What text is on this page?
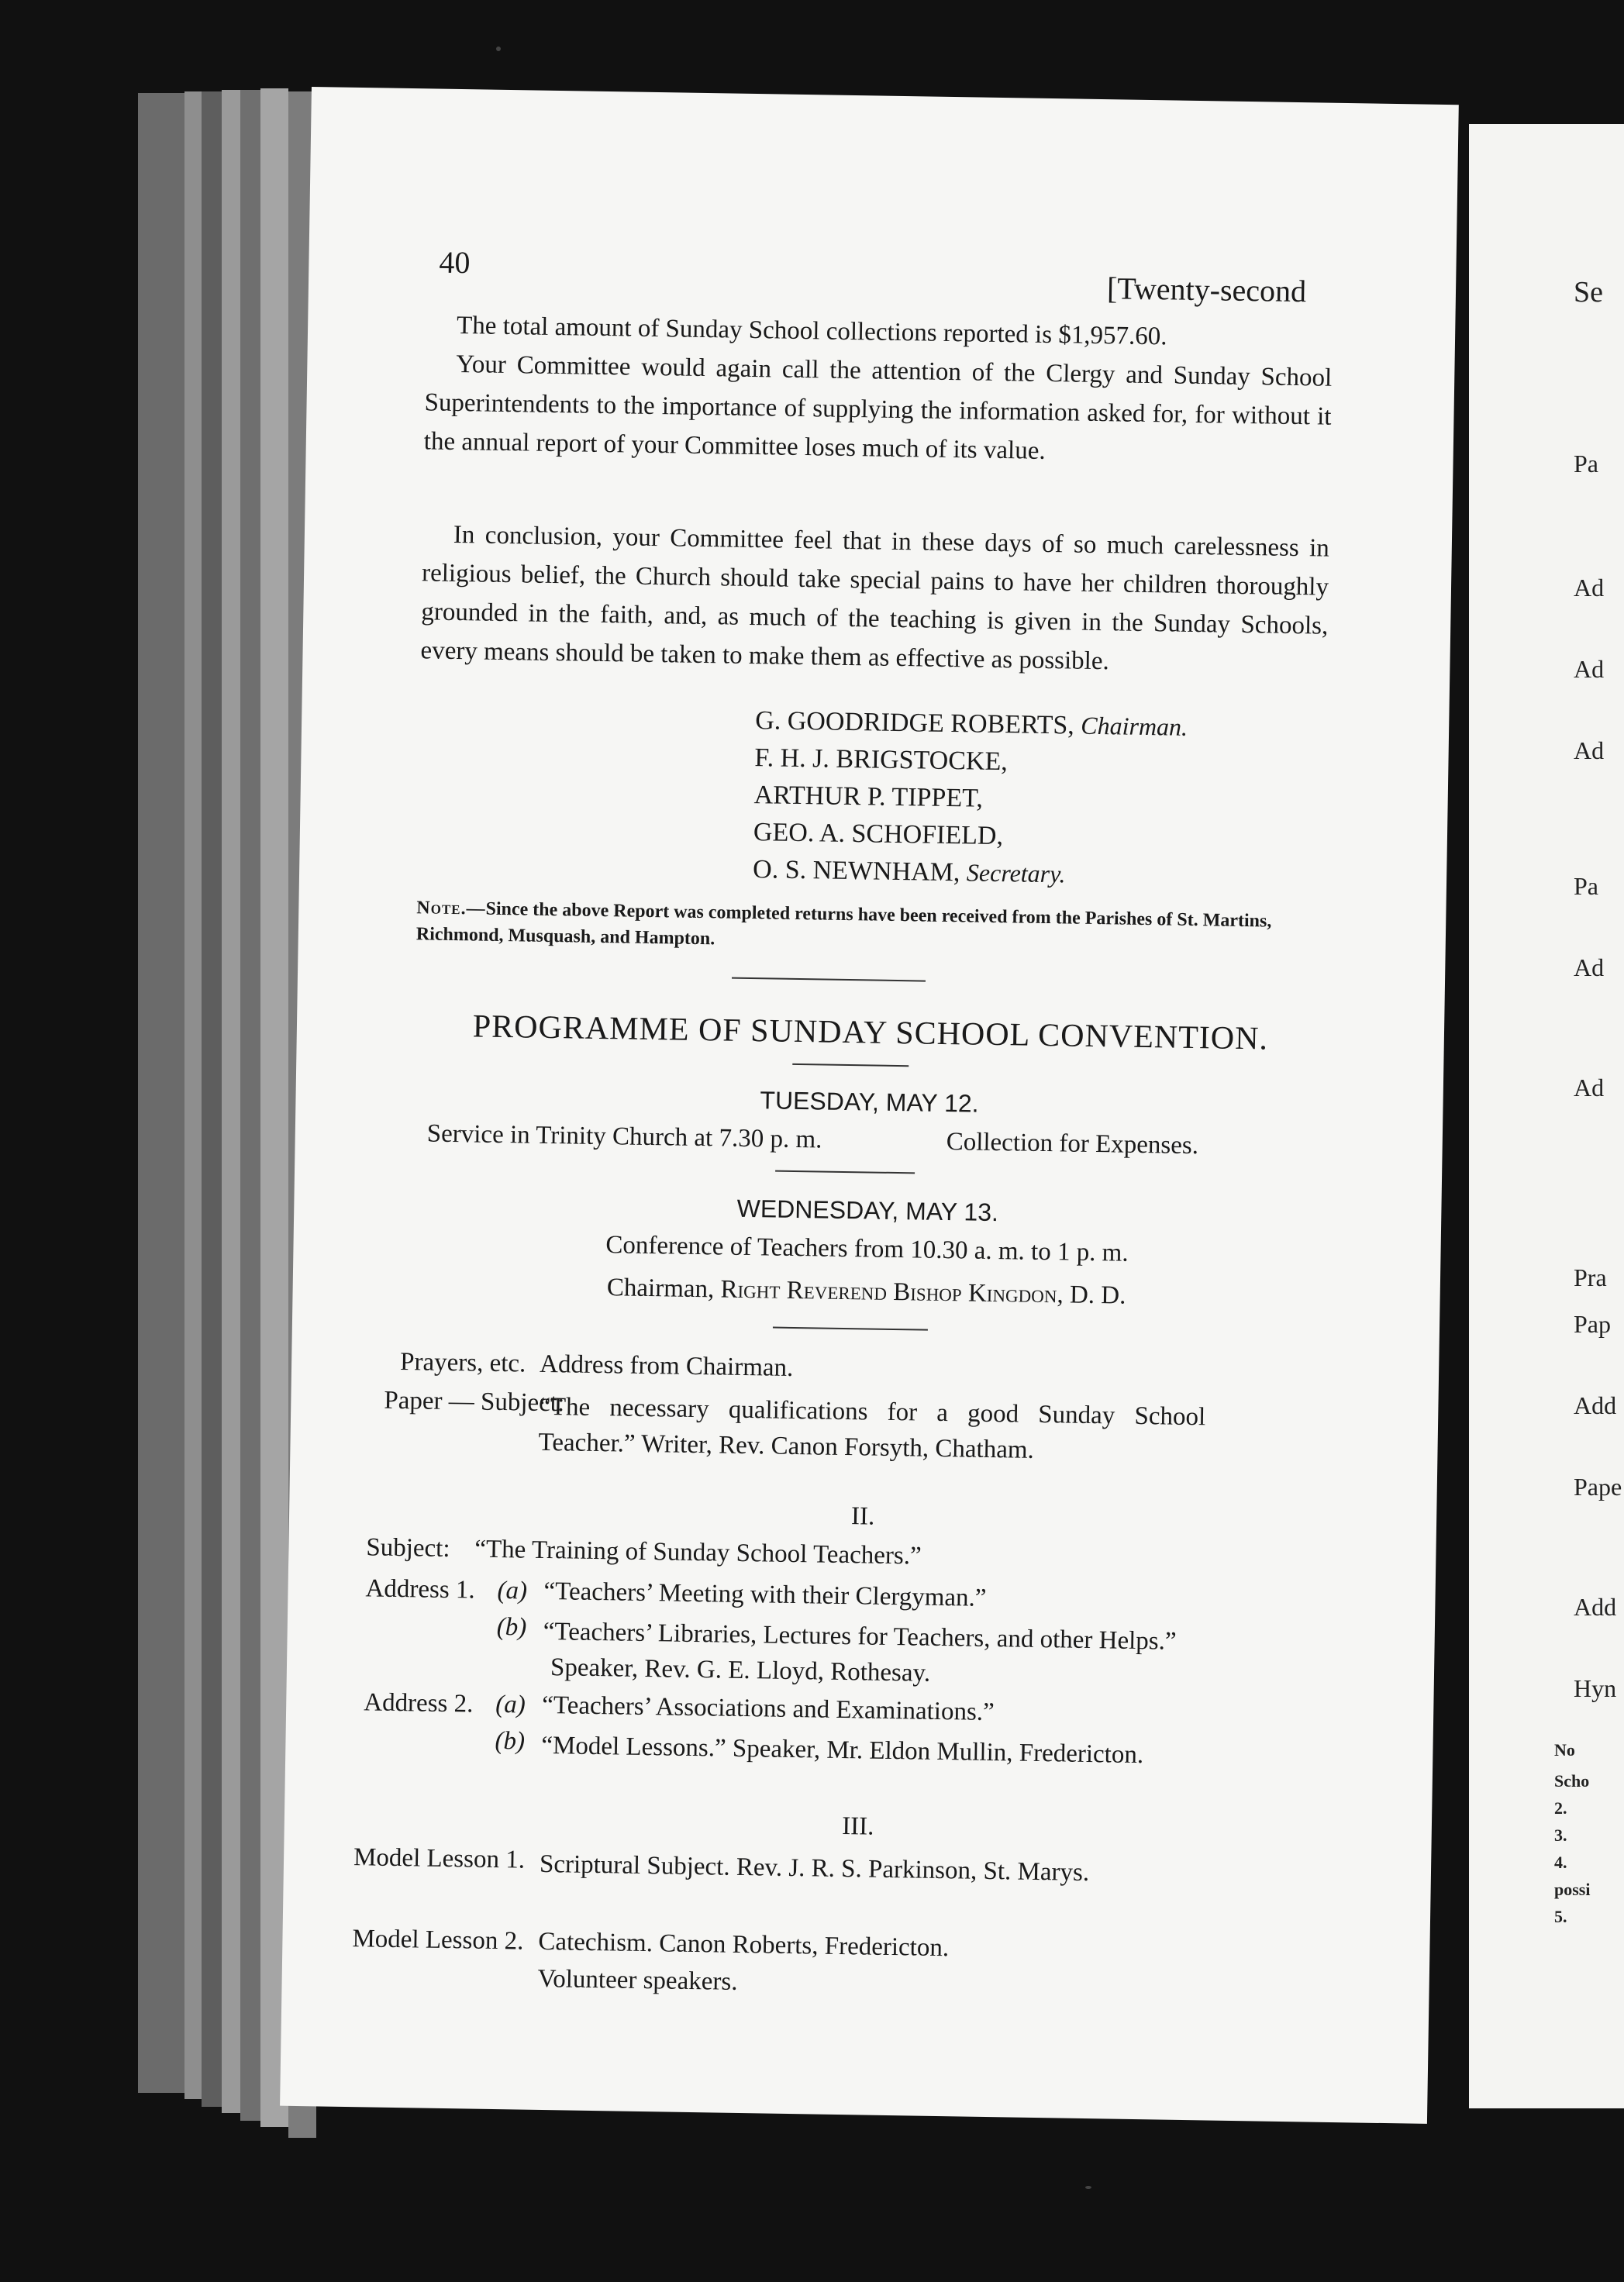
Se
Pa
Ad
Ad
Ad
Pa
Ad
Ad
Pra
Pap
Add
Pape
Add
Hyn
No
Scho
2.
3.
4.
possi
5.
40
[Twenty-second
The total amount of Sunday School collections reported is $1,957.60.
Your Committee would again call the attention of the Clergy and Sunday School Superintendents to the importance of supplying the information asked for, for without it the annual report of your Committee loses much of its value.
In conclusion, your Committee feel that in these days of so much carelessness in religious belief, the Church should take special pains to have her children thoroughly grounded in the faith, and, as much of the teaching is given in the Sunday Schools, every means should be taken to make them as effective as possible.
G. GOODRIDGE ROBERTS, Chairman.
F. H. J. BRIGSTOCKE,
ARTHUR P. TIPPET,
GEO. A. SCHOFIELD,
O. S. NEWNHAM, Secretary.
Note.—Since the above Report was completed returns have been received from the Parishes of St. Martins, Richmond, Musquash, and Hampton.
PROGRAMME OF SUNDAY SCHOOL CONVENTION.
TUESDAY, MAY 12.
Service in Trinity Church at 7.30 p. m.	Collection for Expenses.
WEDNESDAY, MAY 13.
Conference of Teachers from 10.30 a. m. to 1 p. m.
Chairman, Right Reverend Bishop Kingdon, D. D.
Prayers, etc. Address from Chairman.
Paper — Subject:
“The necessary qualifications for a good Sunday School Teacher.” Writer, Rev. Canon Forsyth, Chatham.
II.
Subject: “The Training of Sunday School Teachers.”
Address 1. (a) “Teachers’ Meeting with their Clergyman.”
(b) “Teachers’ Libraries, Lectures for Teachers, and other Helps.” Speaker, Rev. G. E. Lloyd, Rothesay.
Address 2. (a) “Teachers’ Associations and Examinations.”
(b) “Model Lessons.” Speaker, Mr. Eldon Mullin, Fredericton.
III.
Model Lesson 1. Scriptural Subject. Rev. J. R. S. Parkinson, St. Marys.
Model Lesson 2. Catechism. Canon Roberts, Fredericton.
Volunteer speakers.
